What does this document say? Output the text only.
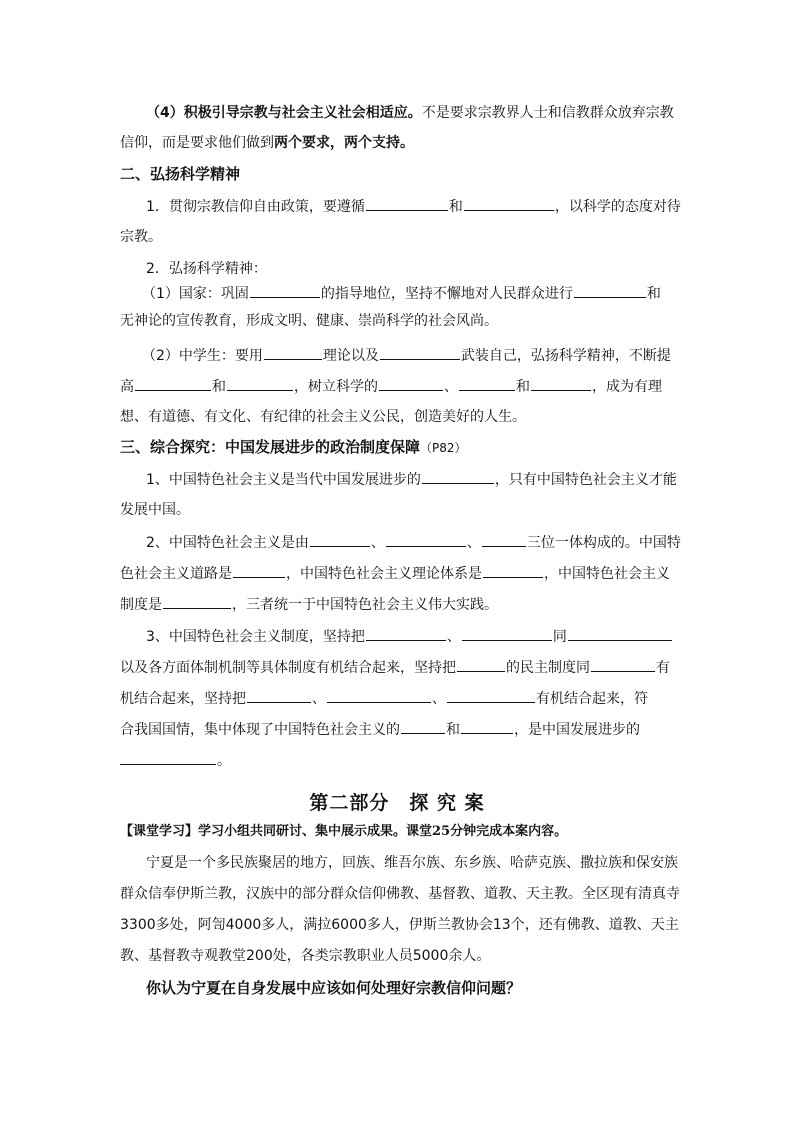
（4）积极引导宗教与社会主义社会相适应。不是要求宗教界人士和信教群众放弃宗教
信仰，而是要求他们做到两个要求，两个支持。
二、弘扬科学精神
1．贯彻宗教信仰自由政策，要遵循	和	，以科学的态度对待
宗教。
2．弘扬科学精神：
（1）国家：巩固	的指导地位，坚持不懈地对人民群众进行	和
无神论的宣传教育，形成文明、健康、崇尚科学的社会风尚。
（2）中学生：要用	理论以及	武装自己，弘扬科学精神，不断提
高	和	，树立科学的	、	和	，成为有理
想、有道德、有文化、有纪律的社会主义公民，创造美好的人生。
三、综合探究：中国发展进步的政治制度保障（P82）
1、中国特色社会主义是当代中国发展进步的	，只有中国特色社会主义才能
发展中国。
2、中国特色社会主义是由	、	、	三位一体构成的。中国特
色社会主义道路是	，中国特色社会主义理论体系是	，中国特色社会主义
制度是	，三者统一于中国特色社会主义伟大实践。
3、中国特色社会主义制度，坚持把	、	同
以及各方面体制机制等具体制度有机结合起来，坚持把	的民主制度同	有
机结合起来，坚持把	、	、	有机结合起来，符
合我国国情，集中体现了中国特色社会主义的	和	，是中国发展进步的
。
第二部分　探 究 案
【课堂学习】学习小组共同研讨、集中展示成果。课堂25分钟完成本案内容。
宁夏是一个多民族聚居的地方，回族、维吾尔族、东乡族、哈萨克族、撒拉族和保安族
群众信奉伊斯兰教，汉族中的部分群众信仰佛教、基督教、道教、天主教。全区现有清真寺
3300多处，阿訇4000多人，满拉6000多人，伊斯兰教协会13个，还有佛教、道教、天主
教、基督教寺观教堂200处，各类宗教职业人员5000余人。
你认为宁夏在自身发展中应该如何处理好宗教信仰问题？
